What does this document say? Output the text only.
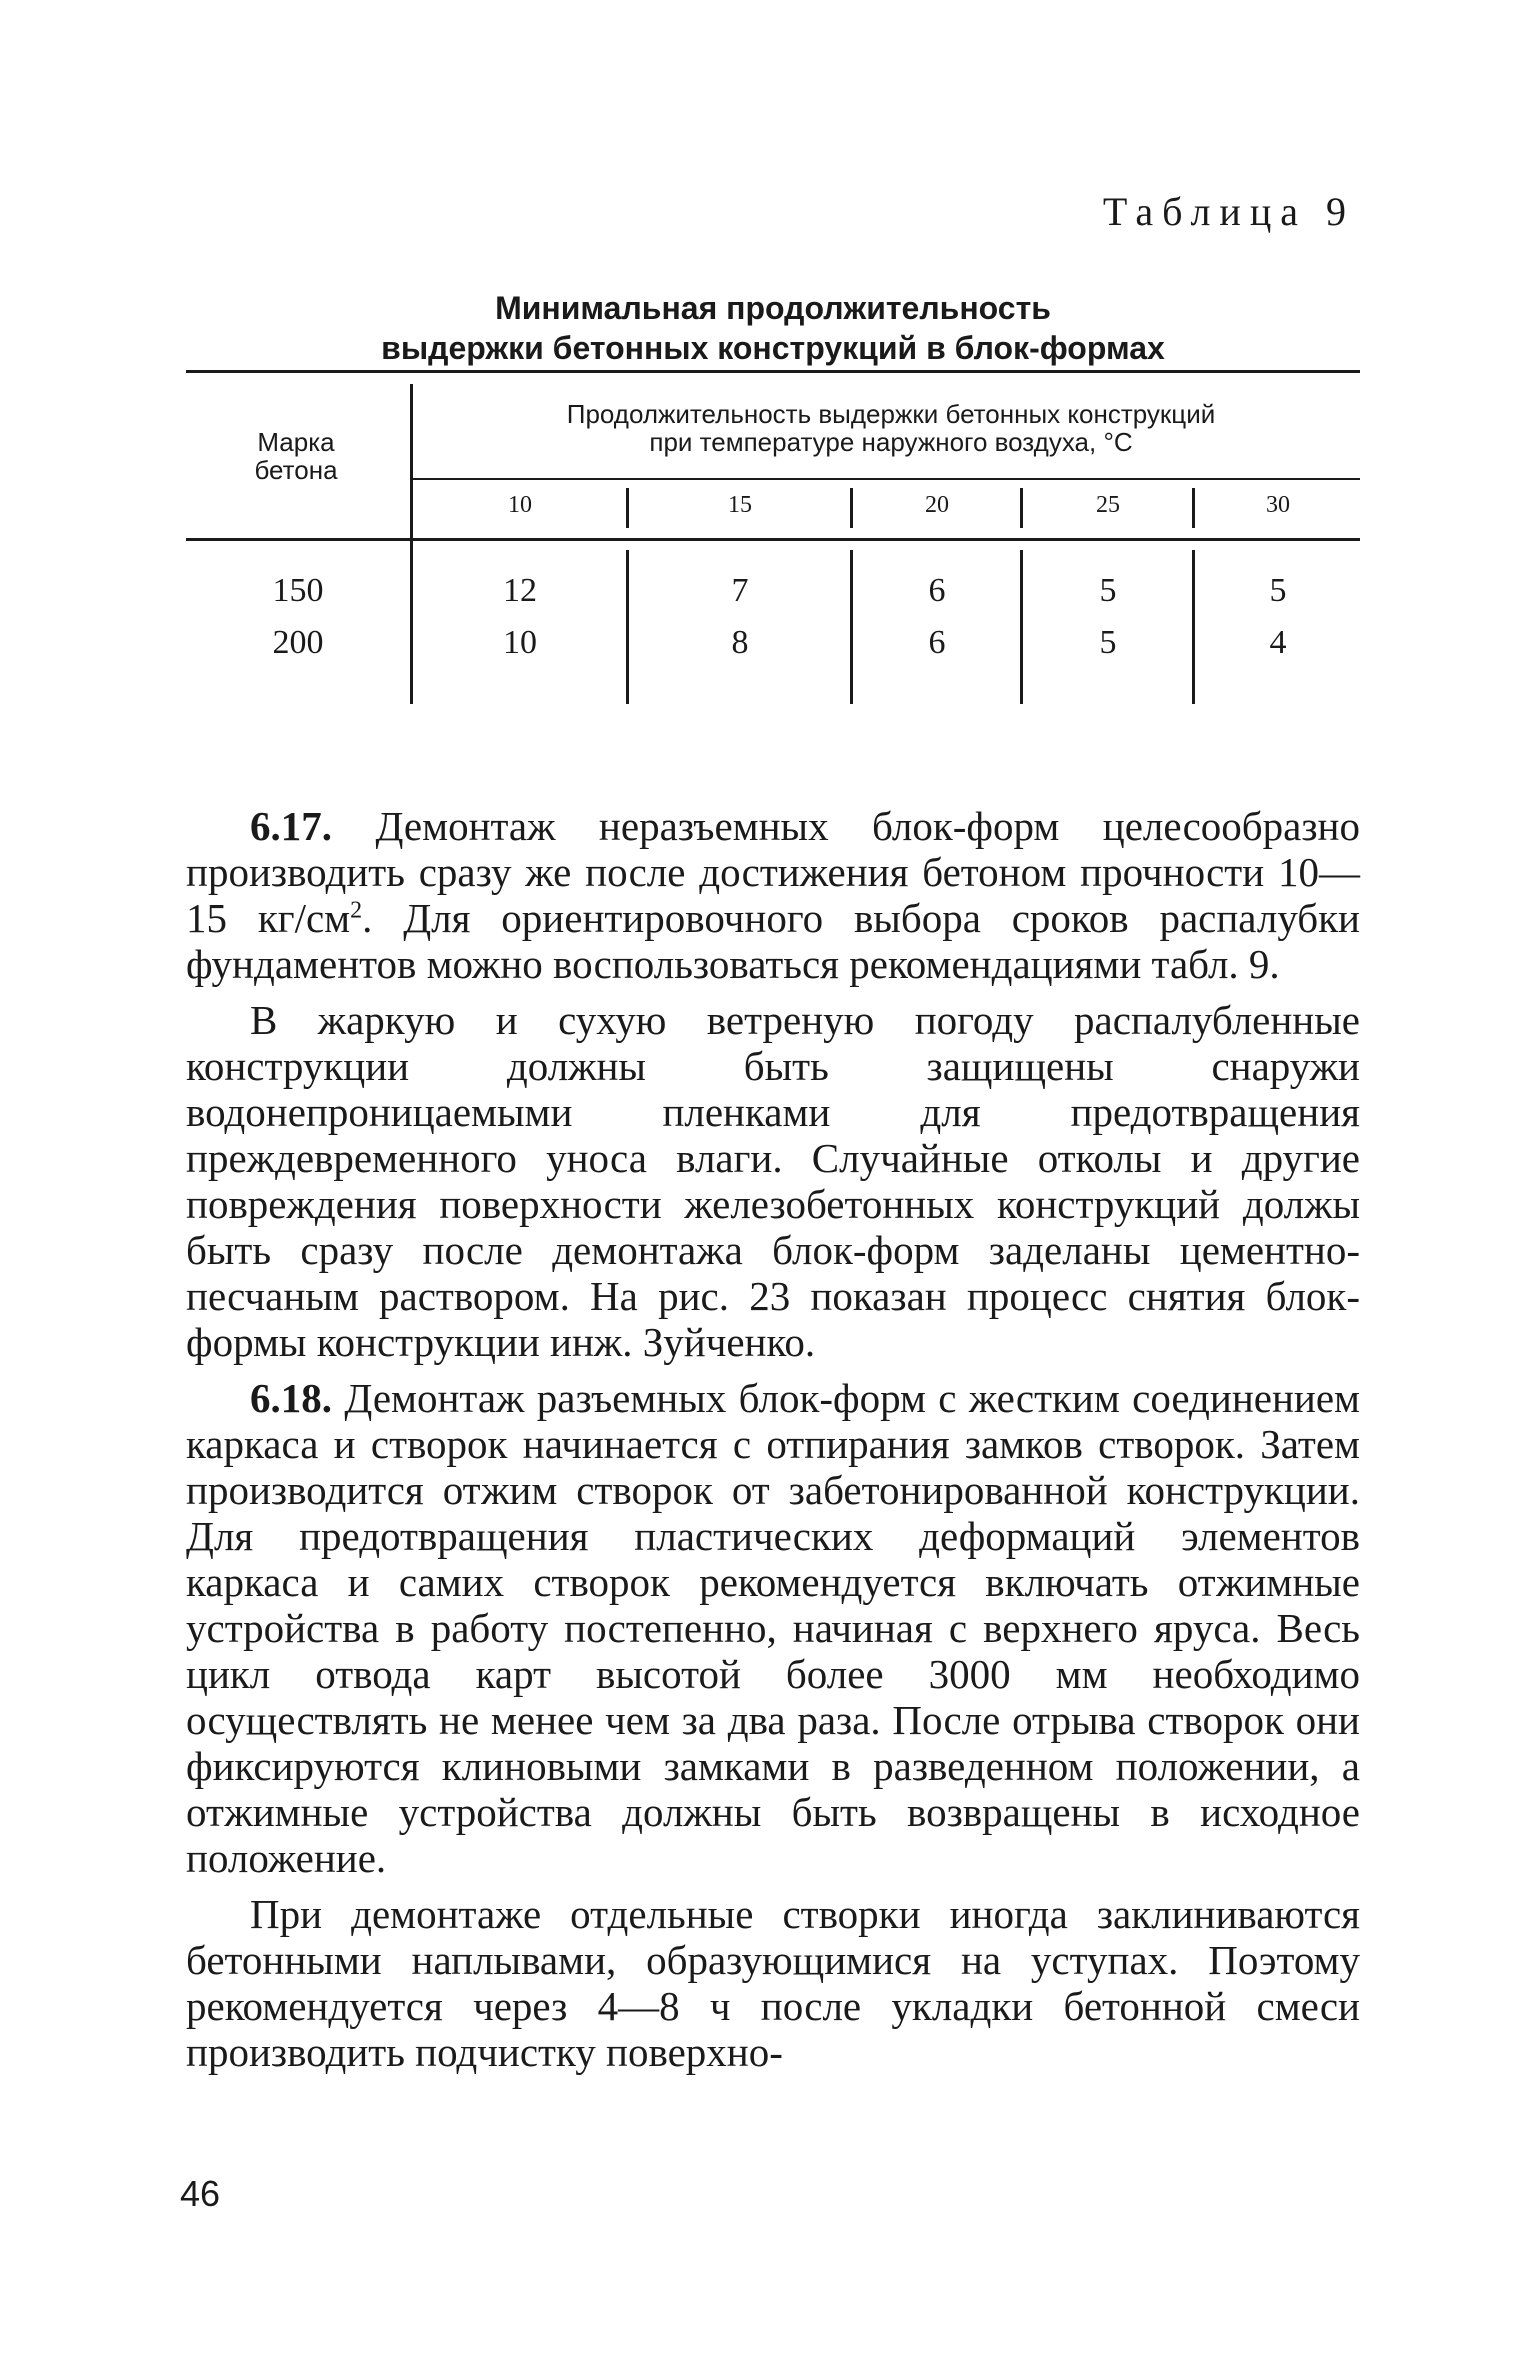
Таблица 9
Минимальная продолжительность
выдержки бетонных конструкций в блок-формах
Марка бетона
Продолжительность выдержки бетонных конструкций
при температуре наружного воздуха, °С
10	15	20	25	30
150	12	7	6	5	5
200	10	8	6	5	4

6.17. Демонтаж неразъемных блок-форм целесообразно производить сразу же после достижения бетоном прочности 10—15 $кг/см^2$. Для ориентировочного выбора сроков распалубки фундаментов можно воспользоваться рекомендациями табл. 9.

В жаркую и сухую ветреную погоду распалубленные конструкции должны быть защищены снаружи водонепроницаемыми пленками для предотвращения преждевременного уноса влаги. Случайные отколы и другие повреждения поверхности железобетонных конструкций должы быть сразу после демонтажа блок-форм заделаны цементно-песчаным раствором. На рис. 23 показан процесс снятия блок-формы конструкции инж. Зуйченко.

6.18. Демонтаж разъемных блок-форм с жестким соединением каркаса и створок начинается с отпирания замков створок. Затем производится отжим створок от забетонированной конструкции. Для предотвращения пластических деформаций элементов каркаса и самих створок рекомендуется включать отжимные устройства в работу постепенно, начиная с верхнего яруса. Весь цикл отвода карт высотой более 3000 мм необходимо осуществлять не менее чем за два раза. После отрыва створок они фиксируются клиновыми замками в разведенном положении, а отжимные устройства должны быть возвращены в исходное положение.

При демонтаже отдельные створки иногда заклиниваются бетонными наплывами, образующимися на уступах. Поэтому рекомендуется через 4—8 ч после укладки бетонной смеси производить подчистку поверхно-

46
